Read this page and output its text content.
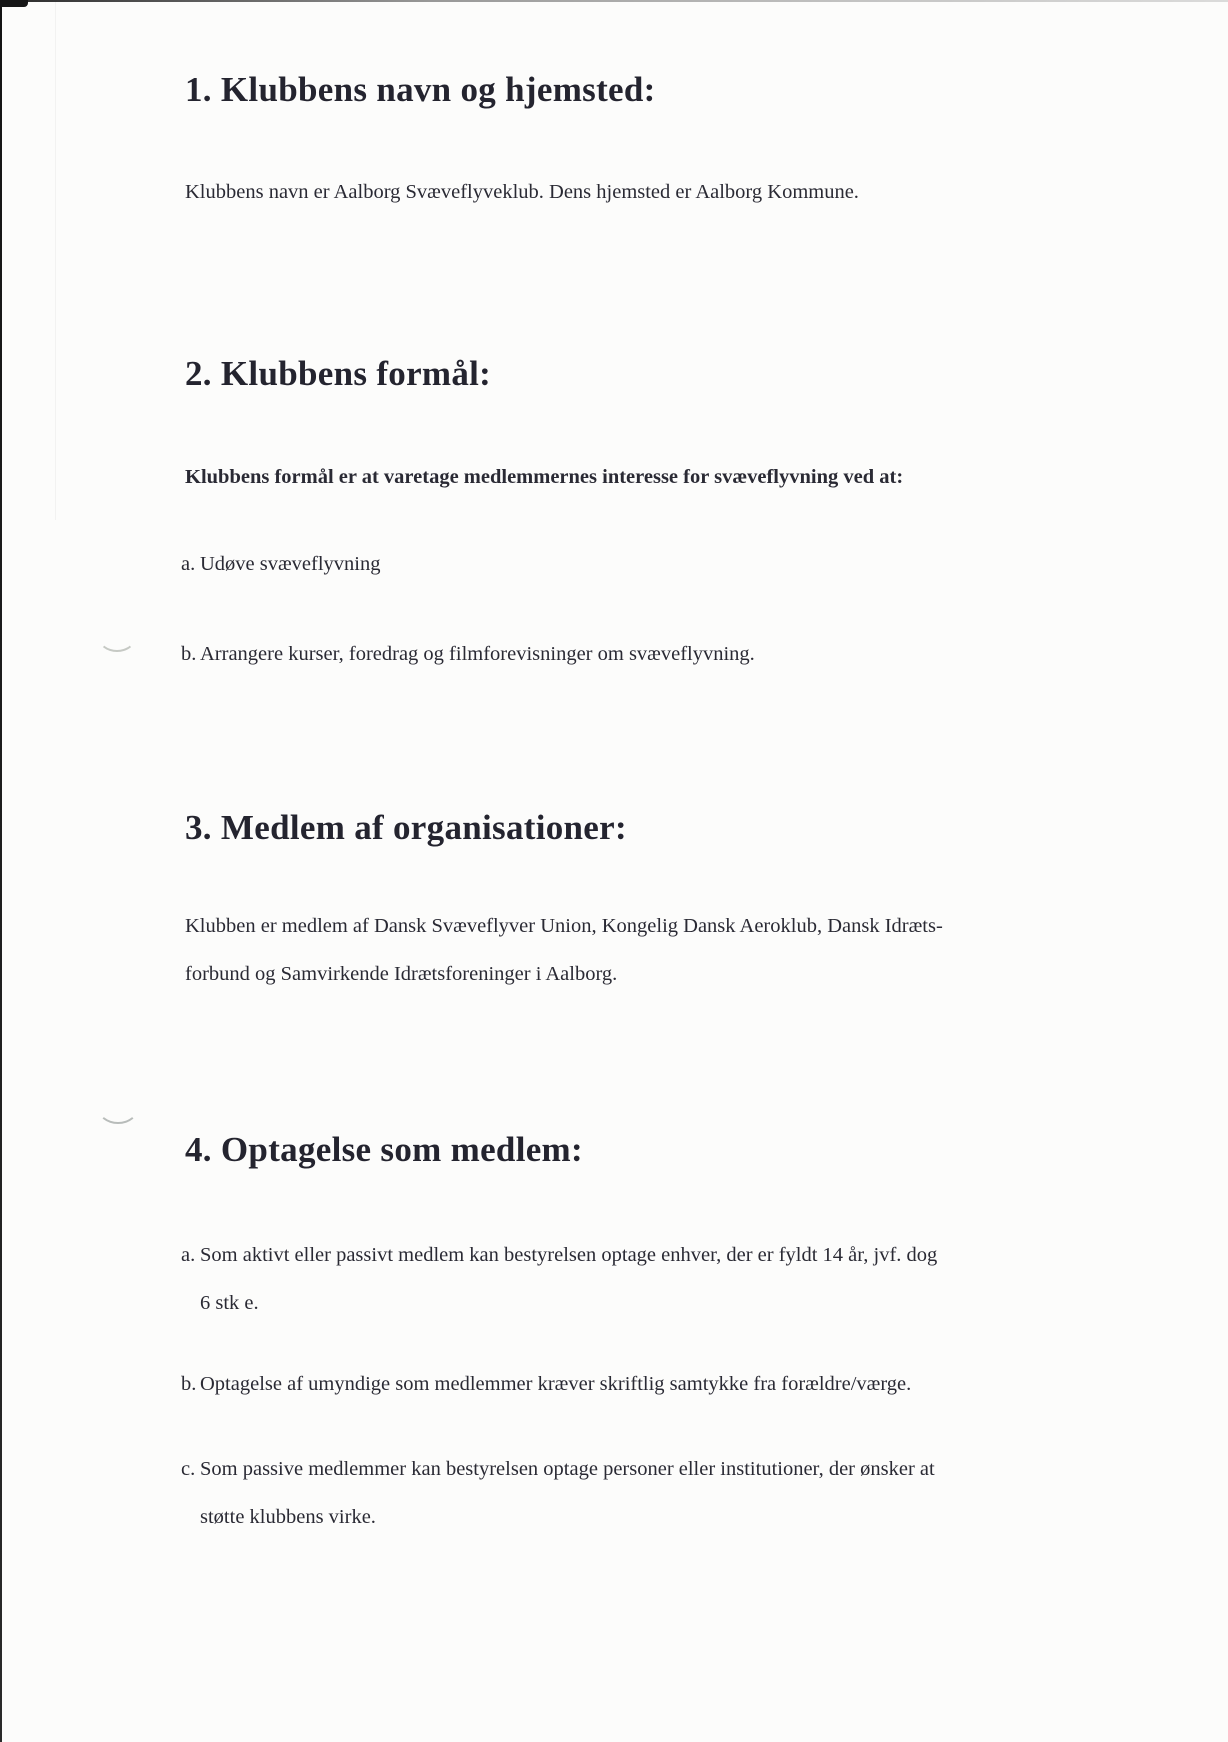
1. Klubbens navn og hjemsted:

Klubbens navn er Aalborg Svæveflyveklub. Dens hjemsted er Aalborg Kommune.

2. Klubbens formål:

Klubbens formål er at varetage medlemmernes interesse for svæveflyvning ved at:

a. Udøve svæveflyvning
b. Arrangere kurser, foredrag og filmforevisninger om svæveflyvning.
3. Medlem af organisationer:

Klubben er medlem af Dansk Svæveflyver Union, Kongelig Dansk Aeroklub, Dansk Idræts-
forbund og Samvirkende Idrætsforeninger i Aalborg.

4. Optagelse som medlem:
a. Som aktivt eller passivt medlem kan bestyrelsen optage enhver, der er fyldt 14 år, jvf. dog
6 stk e.
b. Optagelse af umyndige som medlemmer kræver skriftlig samtykke fra forældre/værge.
c. Som passive medlemmer kan bestyrelsen optage personer eller institutioner, der ønsker at
støtte klubbens virke.
